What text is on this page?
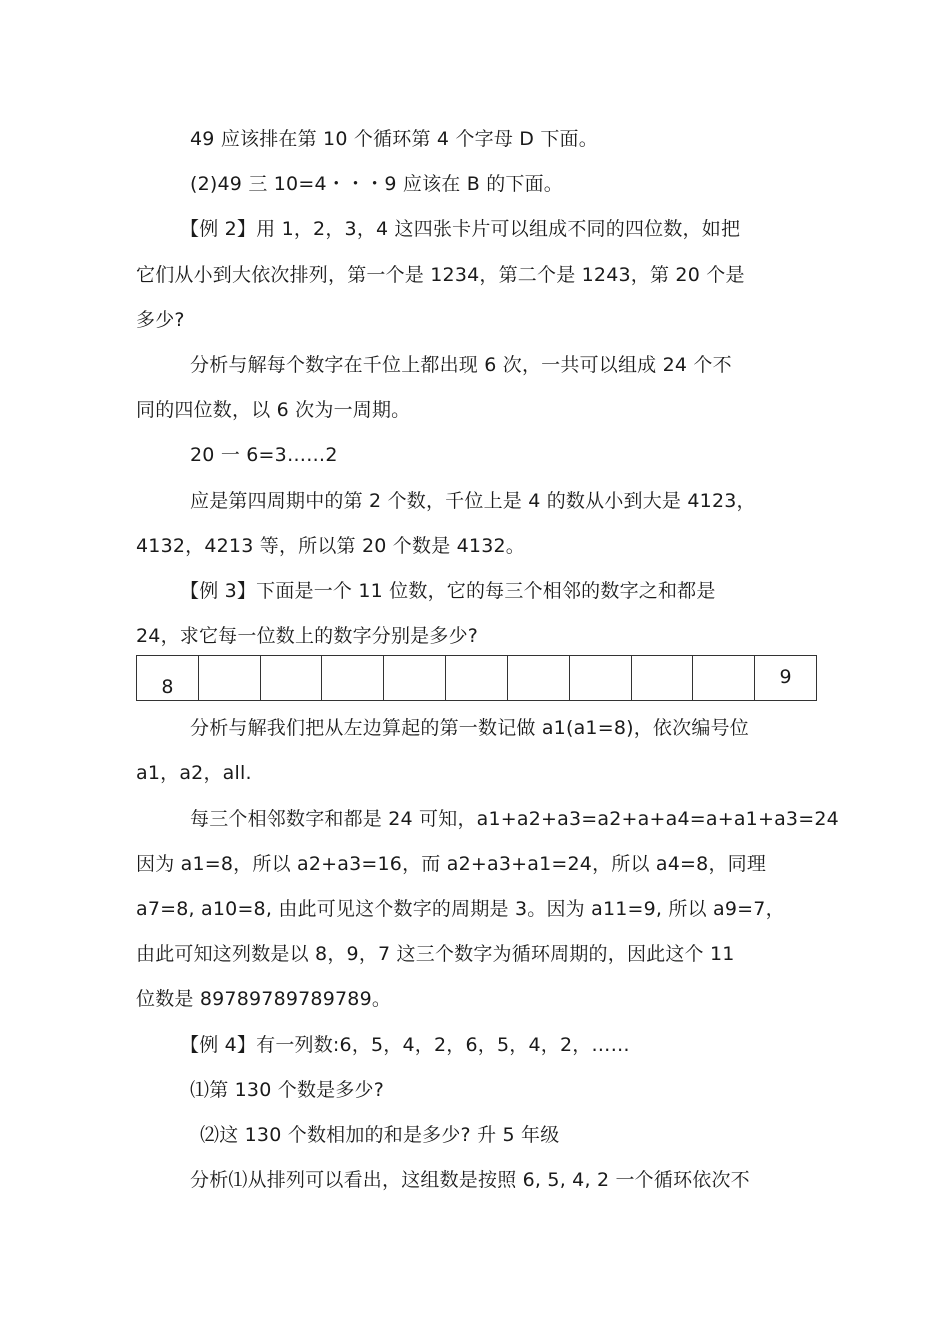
49 应该排在第 10 个循环第 4 个字母 D 下面。
(2)49 三 10=4・・・9 应该在 B 的下面。
【例 2】用 1，2，3，4 这四张卡片可以组成不同的四位数，如把
它们从小到大依次排列，第一个是 1234，第二个是 1243，第 20 个是
多少?
分析与解每个数字在千位上都出现 6 次，一共可以组成 24 个不
同的四位数，以 6 次为一周期。
20 一 6=3……2
应是第四周期中的第 2 个数，千位上是 4 的数从小到大是 4123，
4132，4213 等，所以第 20 个数是 4132。
【例 3】下面是一个 11 位数，它的每三个相邻的数字之和都是
24，求它每一位数上的数字分别是多少?
8										9
分析与解我们把从左边算起的第一数记做 a1(a1=8)，依次编号位
a1，a2，all.
每三个相邻数字和都是 24 可知，a1+a2+a3=a2+a+a4=a+a1+a3=24
因为 a1=8，所以 a2+a3=16，而 a2+a3+a1=24，所以 a4=8，同理
a7=8, a10=8, 由此可见这个数字的周期是 3。因为 a11=9, 所以 a9=7，
由此可知这列数是以 8，9，7 这三个数字为循环周期的，因此这个 11
位数是 89789789789789。
【例 4】有一列数:6，5，4，2，6，5，4，2，……
⑴第 130 个数是多少?
⑵这 130 个数相加的和是多少? 升 5 年级
分析⑴从排列可以看出，这组数是按照 6, 5, 4, 2 一个循环依次不
